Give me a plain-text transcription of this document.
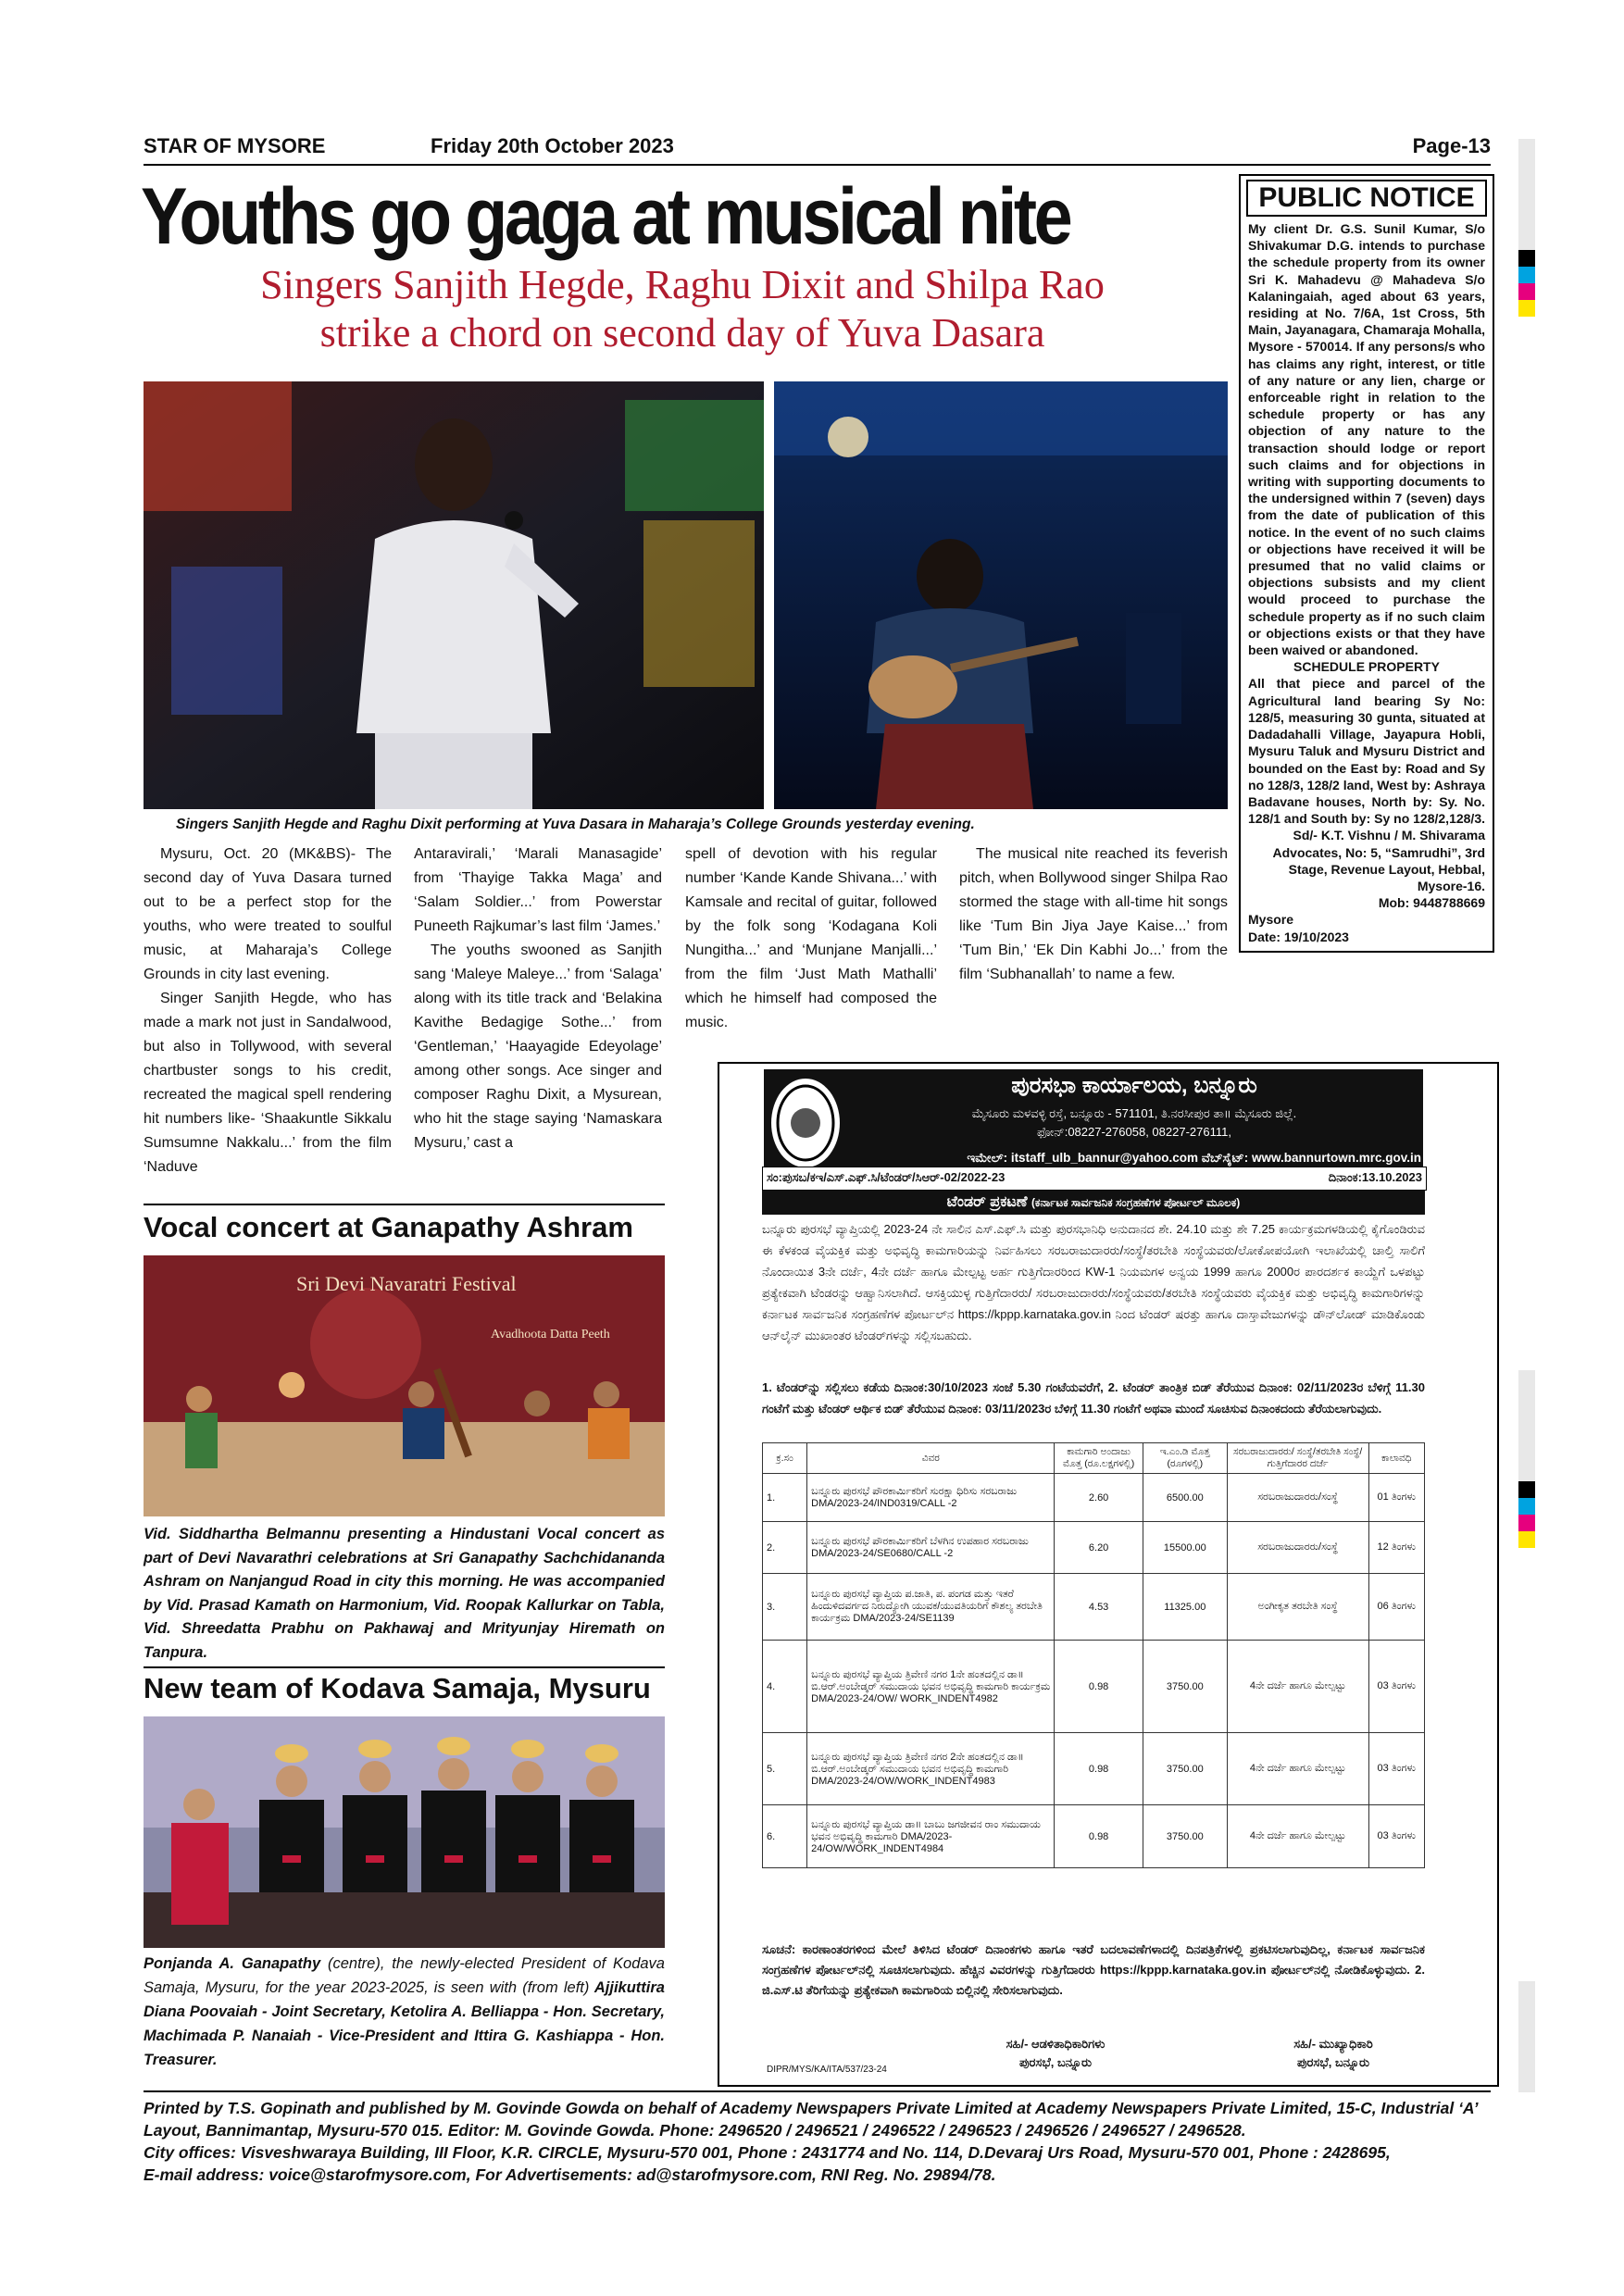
STAR OF MYSORE	Friday 20th October 2023	Page-13
Youths go gaga at musical nite
Singers Sanjith Hegde, Raghu Dixit and Shilpa Rao
strike a chord on second day of Yuva Dasara
Singers Sanjith Hegde and Raghu Dixit performing at Yuva Dasara in Maharaja’s College Grounds yesterday evening.

Mysuru, Oct. 20 (MK&BS)- The second day of Yuva Dasara turned out to be a perfect stop for the youths, who were treated to soulful music, at Maharaja’s College Grounds in city last evening.

Singer Sanjith Hegde, who has made a mark not just in Sandalwood, but also in Tollywood, with several chartbuster songs to his credit, recreated the magical spell rendering hit numbers like- ‘Shaakuntle Sikkalu Sumsumne Nakkalu...’ from the film ‘Naduve

Antaravirali,’ ‘Marali Manasagide’ from ‘Thayige Takka Maga’ and ‘Salam Soldier...’ from Powerstar Puneeth Rajkumar’s last film ‘James.’

The youths swooned as Sanjith sang ‘Maleye Maleye...’ from ‘Salaga’ along with its title track and ‘Belakina Kavithe Bedagige Sothe...’ from ‘Gentleman,’ ‘Haayagide Edeyolage’ among other songs. Ace singer and composer Raghu Dixit, a Mysurean, who hit the stage saying ‘Namaskara Mysuru,’ cast a

spell of devotion with his regular number ‘Kande Kande Shivana...’ with Kamsale and recital of guitar, followed by the folk song ‘Kodagana Koli Nungitha...’ and ‘Munjane Manjalli...’ from the film ‘Just Math Mathalli’ which he himself had composed the music.

The musical nite reached its feverish pitch, when Bollywood singer Shilpa Rao stormed the stage with all-time hit songs like ‘Tum Bin Jiya Jaye Kaise...’ from ‘Tum Bin,’ ‘Ek Din Kabhi Jo...’ from the film ‘Subhanallah’ to name a few.

Vocal concert at Ganapathy Ashram
Sri Devi Navaratri Festival
Avadhoota Datta Peeth
Vid. Siddhartha Belmannu presenting a Hindustani Vocal concert as part of Devi Navarathri celebrations at Sri Ganapathy Sachchidananda Ashram on Nanjangud Road in city this morning. He was accompanied by Vid. Prasad Kamath on Harmonium, Vid. Roopak Kallurkar on Tabla, Vid. Shreedatta Prabhu on Pakhawaj and Mrityunjay Hiremath on Tanpura.
New team of Kodava Samaja, Mysuru
Ponjanda A. Ganapathy (centre), the newly-elected President of Kodava Samaja, Mysuru, for the year 2023-2025, is seen with (from left) Ajjikuttira Diana Poovaiah - Joint Secretary, Ketolira A. Belliappa - Hon. Secretary, Machimada P. Nanaiah - Vice-President and Ittira G. Kashiappa - Hon. Treasurer.
PUBLIC NOTICE
My client Dr. G.S. Sunil Kumar, S/o Shivakumar D.G. intends to purchase the schedule property from its owner Sri K. Mahadevu @ Mahadeva S/o Kalaningaiah, aged about 63 years, residing at No. 7/6A, 1st Cross, 5th Main, Jayanagara, Chamaraja Mohalla, Mysore - 570014. If any persons/s who has claims any right, interest, or title of any nature or any lien, charge or enforceable right in relation to the schedule property or has any objection of any nature to the transaction should lodge or report such claims and for objections in writing with supporting documents to the undersigned within 7 (seven) days from the date of publication of this notice. In the event of no such claims or objections have received it will be presumed that no valid claims or objections subsists and my client would proceed to purchase the schedule property as if no such claim or objections exists or that they have been waived or abandoned.
SCHEDULE PROPERTY
All that piece and parcel of the Agricultural land bearing Sy No: 128/5, measuring 30 gunta, situated at Dadadahalli Village, Jayapura Hobli, Mysuru Taluk and Mysuru District and bounded on the East by: Road and Sy no 128/3, 128/2 land, West by: Ashraya Badavane houses, North by: Sy. No. 128/1 and South by: Sy no 128/2,128/3.
Sd/- K.T. Vishnu / M. Shivarama
Advocates, No: 5, “Samrudhi”, 3rd Stage, Revenue Layout, Hebbal, Mysore-16.
Mob: 9448788669
Mysore
Date: 19/10/2023
ಪುರಸಭಾ ಕಾರ್ಯಾಲಯ, ಬನ್ನೂರು
ಮೈಸೂರು ಮಳವಳ್ಳಿ ರಸ್ತೆ, ಬನ್ನೂರು - 571101, ತಿ.ನರಸೀಪುರ ತಾ॥ ಮೈಸೂರು ಜಿಲ್ಲೆ.
ಫೋನ್:08227-276058, 08227-276111,
ಇಮೇಲ್: itstaff_ulb_bannur@yahoo.com ವೆಬ್‌ಸೈಟ್: www.bannurtown.mrc.gov.in
ಸಂ:ಪುಸಬ/ಕಇ/ಎಸ್.ಎಫ್.ಸಿ/ಟೆಂಡರ್/ಸಿಆರ್-02/2022-23	ದಿನಾಂಕ:13.10.2023
ಟೆಂಡರ್ ಪ್ರಕಟಣೆ (ಕರ್ನಾಟಕ ಸಾರ್ವಜನಿಕ ಸಂಗ್ರಹಣೆಗಳ ಪೋರ್ಟಲ್ ಮೂಲಕ)
ಬನ್ನೂರು ಪುರಸಭೆ ವ್ಯಾಪ್ತಿಯಲ್ಲಿ 2023-24 ನೇ ಸಾಲಿನ ಎಸ್.ಎಫ್.ಸಿ ಮತ್ತು ಪುರಸಭಾನಿಧಿ ಅನುದಾನದ ಶೇ. 24.10 ಮತ್ತು ಶೇ 7.25 ಕಾರ್ಯಕ್ರಮಗಳಡಿಯಲ್ಲಿ ಕೈಗೊಂಡಿರುವ ಈ ಕೆಳಕಂಡ ವೈಯಕ್ತಿಕ ಮತ್ತು ಅಭಿವೃದ್ಧಿ ಕಾಮಗಾರಿಯನ್ನು ನಿರ್ವಹಿಸಲು ಸರಬರಾಜುದಾರರು/ಸಂಸ್ಥೆ/ತರಬೇತಿ ಸಂಸ್ಥೆಯವರು/ಲೋಕೋಪಯೋಗಿ ಇಲಾಖೆಯಲ್ಲಿ ಚಾಲ್ತಿ ಸಾಲಿಗೆ ನೊಂದಾಯಿತ 3ನೇ ದರ್ಜೆ, 4ನೇ ದರ್ಜೆ ಹಾಗೂ ಮೇಲ್ಪಟ್ಟ ಅರ್ಹ ಗುತ್ತಿಗೆದಾರರಿಂದ KW-1 ನಿಯಮಗಳ ಅನ್ವಯ 1999 ಹಾಗೂ 2000ರ ಪಾರದರ್ಶಕ ಕಾಯ್ದೆಗೆ ಒಳಪಟ್ಟು ಪ್ರತ್ಯೇಕವಾಗಿ ಟೆಂಡರನ್ನು ಆಹ್ವಾನಿಸಲಾಗಿದೆ. ಆಸಕ್ತಿಯುಳ್ಳ ಗುತ್ತಿಗೆದಾರರು/ ಸರಬರಾಜುದಾರರು/ಸಂಸ್ಥೆಯವರು/ತರಬೇತಿ ಸಂಸ್ಥೆಯವರು ವೈಯಕ್ತಿಕ ಮತ್ತು ಅಭಿವೃದ್ಧಿ ಕಾಮಗಾರಿಗಳನ್ನು ಕರ್ನಾಟಕ ಸಾರ್ವಜನಿಕ ಸಂಗ್ರಹಣೆಗಳ ಪೋರ್ಟಲ್‌ನ https://kppp.karnataka.gov.in ನಿಂದ ಟೆಂಡರ್ ಷರತ್ತು ಹಾಗೂ ದಾಸ್ತಾವೇಜುಗಳನ್ನು ಡೌನ್‌ಲೋಡ್ ಮಾಡಿಕೊಂಡು ಆನ್‌ಲೈನ್ ಮುಖಾಂತರ ಟೆಂಡರ್‌ಗಳನ್ನು ಸಲ್ಲಿಸಬಹುದು.
1. ಟೆಂಡರ್‌ನ್ನು ಸಲ್ಲಿಸಲು ಕಡೆಯ ದಿನಾಂಕ:30/10/2023 ಸಂಜೆ 5.30 ಗಂಟೆಯವರೆಗೆ, 2. ಟೆಂಡರ್ ತಾಂತ್ರಿಕ ಬಿಡ್ ತೆರೆಯುವ ದಿನಾಂಕ: 02/11/2023ರ ಬೆಳಿಗ್ಗೆ 11.30 ಗಂಟೆಗೆ ಮತ್ತು ಟೆಂಡರ್ ಆರ್ಥಿಕ ಬಿಡ್ ತೆರೆಯುವ ದಿನಾಂಕ: 03/11/2023ರ ಬೆಳಿಗ್ಗೆ 11.30 ಗಂಟೆಗೆ ಅಥವಾ ಮುಂದೆ ಸೂಚಿಸುವ ದಿನಾಂಕದಂದು ತೆರೆಯಲಾಗುವುದು.
ಕ್ರ.ಸಂ	ವಿವರ	ಕಾಮಗಾರಿ ಅಂದಾಜು ಮೊತ್ತ (ರೂ.ಲಕ್ಷಗಳಲ್ಲಿ)	ಇ.ಎಂ.ಡಿ ಮೊತ್ತ (ರೂಗಳಲ್ಲಿ)	ಸರಬರಾಜುದಾರರು/ ಸಂಸ್ಥೆ/ತರಬೇತಿ ಸಂಸ್ಥೆ/ಗುತ್ತಿಗೆದಾರರ ದರ್ಜೆ	ಕಾಲಾವಧಿ
1.	ಬನ್ನೂರು ಪುರಸಭೆ ಪೌರಕಾರ್ಮಿಕರಿಗೆ ಸುರಕ್ಷಾ ಧಿರಿಸು ಸರಬರಾಜು DMA/2023-24/IND0319/CALL -2	2.60	6500.00	ಸರಬರಾಜುದಾರರು/ಸಂಸ್ಥೆ	01 ತಿಂಗಳು
2.	ಬನ್ನೂರು ಪುರಸಭೆ ಪೌರಕಾರ್ಮಿಕರಿಗೆ ಬೆಳಗಿನ ಉಪಹಾರ ಸರಬರಾಜು DMA/2023-24/SE0680/CALL -2	6.20	15500.00	ಸರಬರಾಜುದಾರರು/ಸಂಸ್ಥೆ	12 ತಿಂಗಳು
3.	ಬನ್ನೂರು ಪುರಸಭೆ ವ್ಯಾಪ್ತಿಯ ಪ.ಜಾತಿ, ಪ. ಪಂಗಡ ಮತ್ತು ಇತರೆ ಹಿಂದುಳಿದವರ್ಗದ ನಿರುದ್ಯೋಗಿ ಯುವಕ/ಯುವತಿಯರಿಗೆ ಕೌಶಲ್ಯ ತರಬೇತಿ ಕಾರ್ಯಕ್ರಮ DMA/2023-24/SE1139	4.53	11325.00	ಅಂಗೀಕೃತ ತರಬೇತಿ ಸಂಸ್ಥೆ	06 ತಿಂಗಳು
4.	ಬನ್ನೂರು ಪುರಸಭೆ ವ್ಯಾಪ್ತಿಯ ತ್ರಿವೇಣಿ ನಗರ 1ನೇ ಹಂತದಲ್ಲಿನ ಡಾ॥ ಬಿ.ಆರ್.ಅಂಬೇಡ್ಕರ್ ಸಮುದಾಯ ಭವನ ಅಭಿವೃದ್ಧಿ ಕಾಮಗಾರಿ ಕಾರ್ಯಕ್ರಮ DMA/2023-24/OW/ WORK_INDENT4982	0.98	3750.00	4ನೇ ದರ್ಜೆ ಹಾಗೂ ಮೇಲ್ಪಟ್ಟು	03 ತಿಂಗಳು
5.	ಬನ್ನೂರು ಪುರಸಭೆ ವ್ಯಾಪ್ತಿಯ ತ್ರಿವೇಣಿ ನಗರ 2ನೇ ಹಂತದಲ್ಲಿನ ಡಾ॥ ಬಿ.ಆರ್.ಅಂಬೇಡ್ಕರ್ ಸಮುದಾಯ ಭವನ ಅಭಿವೃದ್ಧಿ ಕಾಮಗಾರಿ DMA/2023-24/OW/WORK_INDENT4983	0.98	3750.00	4ನೇ ದರ್ಜೆ ಹಾಗೂ ಮೇಲ್ಪಟ್ಟು	03 ತಿಂಗಳು
6.	ಬನ್ನೂರು ಪುರಸಭೆ ವ್ಯಾಪ್ತಿಯ ಡಾ॥ ಬಾಬು ಜಗಜೀವನ ರಾಂ ಸಮುದಾಯ ಭವನ ಅಭಿವೃದ್ಧಿ ಕಾಮಗಾರಿ DMA/2023-24/OW/WORK_INDENT4984	0.98	3750.00	4ನೇ ದರ್ಜೆ ಹಾಗೂ ಮೇಲ್ಪಟ್ಟು	03 ತಿಂಗಳು
ಸೂಚನೆ: ಕಾರಣಾಂತರಗಳಿಂದ ಮೇಲೆ ತಿಳಿಸಿದ ಟೆಂಡರ್ ದಿನಾಂಕಗಳು ಹಾಗೂ ಇತರೆ ಬದಲಾವಣೆಗಳಾದಲ್ಲಿ ದಿನಪತ್ರಿಕೆಗಳಲ್ಲಿ ಪ್ರಕಟಿಸಲಾಗುವುದಿಲ್ಲ, ಕರ್ನಾಟಕ ಸಾರ್ವಜನಿಕ ಸಂಗ್ರಹಣೆಗಳ ಪೋರ್ಟಲ್‌ನಲ್ಲಿ ಸೂಚಿಸಲಾಗುವುದು. ಹೆಚ್ಚಿನ ವಿವರಗಳನ್ನು ಗುತ್ತಿಗೆದಾರರು https://kppp.karnataka.gov.in ಪೋರ್ಟಲ್‌ನಲ್ಲಿ ನೋಡಿಕೊಳ್ಳುವುದು. 2. ಜಿ.ಎಸ್.ಟಿ ತೆರಿಗೆಯನ್ನು ಪ್ರತ್ಯೇಕವಾಗಿ ಕಾಮಗಾರಿಯ ಬಿಲ್ಲಿನಲ್ಲಿ ಸೇರಿಸಲಾಗುವುದು.
ಸಹಿ/- ಆಡಳಿತಾಧಿಕಾರಿಗಳು
ಪುರಸಭೆ, ಬನ್ನೂರು
ಸಹಿ/- ಮುಖ್ಯಾಧಿಕಾರಿ
ಪುರಸಭೆ, ಬನ್ನೂರು
DIPR/MYS/KA/ITA/537/23-24
Printed by T.S. Gopinath and published by M. Govinde Gowda on behalf of Academy Newspapers Private Limited at Academy Newspapers Private Limited, 15-C, Industrial ‘A’ Layout, Bannimantap, Mysuru-570 015. Editor: M. Govinde Gowda. Phone: 2496520 / 2496521 / 2496522 / 2496523 / 2496526 / 2496527 / 2496528.
City offices: Visveshwaraya Building, III Floor, K.R. CIRCLE, Mysuru-570 001, Phone : 2431774 and No. 114, D.Devaraj Urs Road, Mysuru-570 001, Phone : 2428695,
E-mail address: voice@starofmysore.com, For Advertisements: ad@starofmysore.com, RNI Reg. No. 29894/78.
